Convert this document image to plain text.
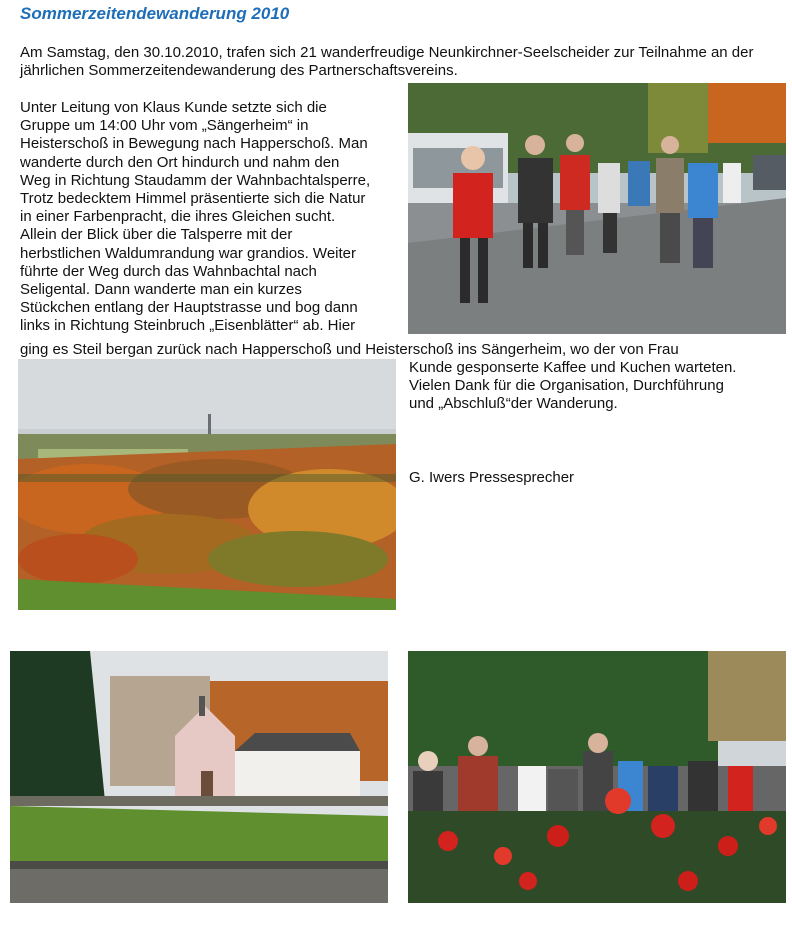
Sommerzeitendewanderung 2010
Am Samstag, den 30.10.2010, trafen sich 21 wanderfreudige Neunkirchner-Seelscheider zur Teilnahme an der jährlichen Sommerzeitendewanderung des Partnerschaftsvereins.
Unter Leitung von Klaus Kunde setzte sich die
Gruppe um 14:00 Uhr vom „Sängerheim“ in
Heisterschoß in Bewegung nach Happerschoß. Man
wanderte durch den Ort hindurch und nahm den
Weg in Richtung Staudamm der Wahnbachtalsperre,
Trotz bedecktem Himmel präsentierte sich die Natur
in einer Farbenpracht, die ihres Gleichen sucht.
Allein der Blick über die Talsperre mit der
herbstlichen Waldumrandung war grandios. Weiter
führte der Weg durch das Wahnbachtal nach
Seligental. Dann wanderte man ein kurzes
Stückchen entlang der Hauptstrasse und bog dann
links in Richtung Steinbruch „Eisenblätter“ ab. Hier
ging es Steil bergan zurück nach Happerschoß und Heisterschoß ins Sängerheim, wo der von Frau
Kunde gesponserte Kaffee und Kuchen warteten.
Vielen Dank für die Organisation, Durchführung
und „Abschluß“der Wanderung.
G. Iwers Pressesprecher
